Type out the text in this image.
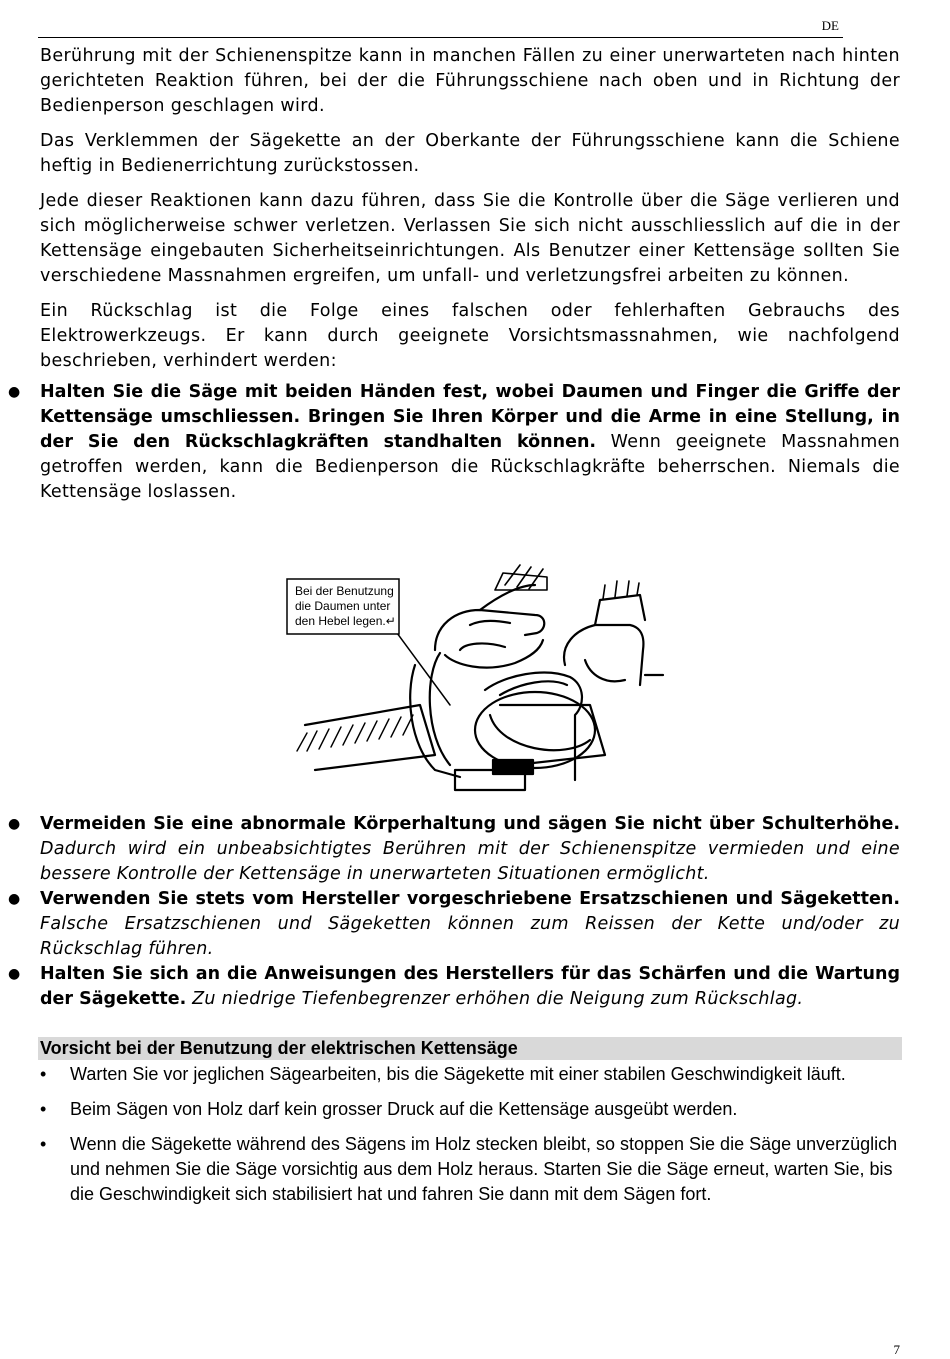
DE

Berührung mit der Schienenspitze kann in manchen Fällen zu einer unerwarteten nach hinten gerichteten Reaktion führen, bei der die Führungsschiene nach oben und in Richtung der Bedienperson geschlagen wird.

Das Verklemmen der Sägekette an der Oberkante der Führungsschiene kann die Schiene heftig in Bedienerrichtung zurückstossen.

Jede dieser Reaktionen kann dazu führen, dass Sie die Kontrolle über die Säge verlieren und sich möglicherweise schwer verletzen. Verlassen Sie sich nicht ausschliesslich auf die in der Kettensäge eingebauten Sicherheitseinrichtungen. Als Benutzer einer Kettensäge sollten Sie verschiedene Massnahmen ergreifen, um unfall- und verletzungsfrei arbeiten zu können.

Ein Rückschlag ist die Folge eines falschen oder fehlerhaften Gebrauchs des Elektrowerkzeugs. Er kann durch geeignete Vorsichtsmassnahmen, wie nachfolgend beschrieben, verhindert werden:

● Halten Sie die Säge mit beiden Händen fest, wobei Daumen und Finger die Griffe der Kettensäge umschliessen. Bringen Sie Ihren Körper und die Arme in eine Stellung, in der Sie den Rückschlagkräften standhalten können. Wenn geeignete Massnahmen getroffen werden, kann die Bedienperson die Rückschlagkräfte beherrschen. Niemals die Kettensäge loslassen.
Bei der Benutzung
die Daumen unter
den Hebel legen.↵
● Vermeiden Sie eine abnormale Körperhaltung und sägen Sie nicht über Schulterhöhe. Dadurch wird ein unbeabsichtigtes Berühren mit der Schienenspitze vermieden und eine bessere Kontrolle der Kettensäge in unerwarteten Situationen ermöglicht.
● Verwenden Sie stets vom Hersteller vorgeschriebene Ersatzschienen und Sägeketten. Falsche Ersatzschienen und Sägeketten können zum Reissen der Kette und/oder zu Rückschlag führen.
● Halten Sie sich an die Anweisungen des Herstellers für das Schärfen und die Wartung der Sägekette. Zu niedrige Tiefenbegrenzer erhöhen die Neigung zum Rückschlag.
Vorsicht bei der Benutzung der elektrischen Kettensäge
• Warten Sie vor jeglichen Sägearbeiten, bis die Sägekette mit einer stabilen Geschwindigkeit läuft.
• Beim Sägen von Holz darf kein grosser Druck auf die Kettensäge ausgeübt werden.
• Wenn die Sägekette während des Sägens im Holz stecken bleibt, so stoppen Sie die Säge unverzüglich und nehmen Sie die Säge vorsichtig aus dem Holz heraus. Starten Sie die Säge erneut, warten Sie, bis die Geschwindigkeit sich stabilisiert hat und fahren Sie dann mit dem Sägen fort.
7
